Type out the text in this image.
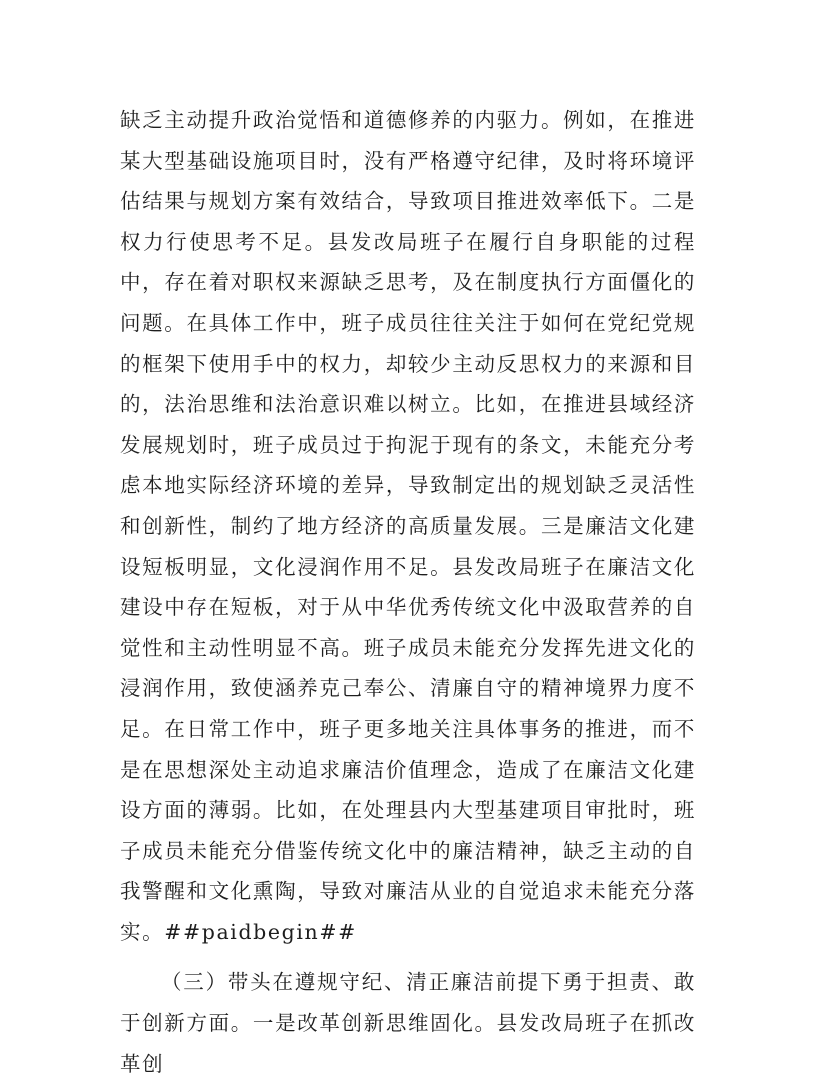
缺乏主动提升政治觉悟和道德修养的内驱力。例如，在推进某大型基础设施项目时，没有严格遵守纪律，及时将环境评估结果与规划方案有效结合，导致项目推进效率低下。二是权力行使思考不足。县发改局班子在履行自身职能的过程中，存在着对职权来源缺乏思考，及在制度执行方面僵化的问题。在具体工作中，班子成员往往关注于如何在党纪党规的框架下使用手中的权力，却较少主动反思权力的来源和目的，法治思维和法治意识难以树立。比如，在推进县域经济发展规划时，班子成员过于拘泥于现有的条文，未能充分考虑本地实际经济环境的差异，导致制定出的规划缺乏灵活性和创新性，制约了地方经济的高质量发展。三是廉洁文化建设短板明显，文化浸润作用不足。县发改局班子在廉洁文化建设中存在短板，对于从中华优秀传统文化中汲取营养的自觉性和主动性明显不高。班子成员未能充分发挥先进文化的浸润作用，致使涵养克己奉公、清廉自守的精神境界力度不足。在日常工作中，班子更多地关注具体事务的推进，而不是在思想深处主动追求廉洁价值理念，造成了在廉洁文化建设方面的薄弱。比如，在处理县内大型基建项目审批时，班子成员未能充分借鉴传统文化中的廉洁精神，缺乏主动的自我警醒和文化熏陶，导致对廉洁从业的自觉追求未能充分落实。##paidbegin##

（三）带头在遵规守纪、清正廉洁前提下勇于担责、敢于创新方面。一是改革创新思维固化。县发改局班子在抓改革创
